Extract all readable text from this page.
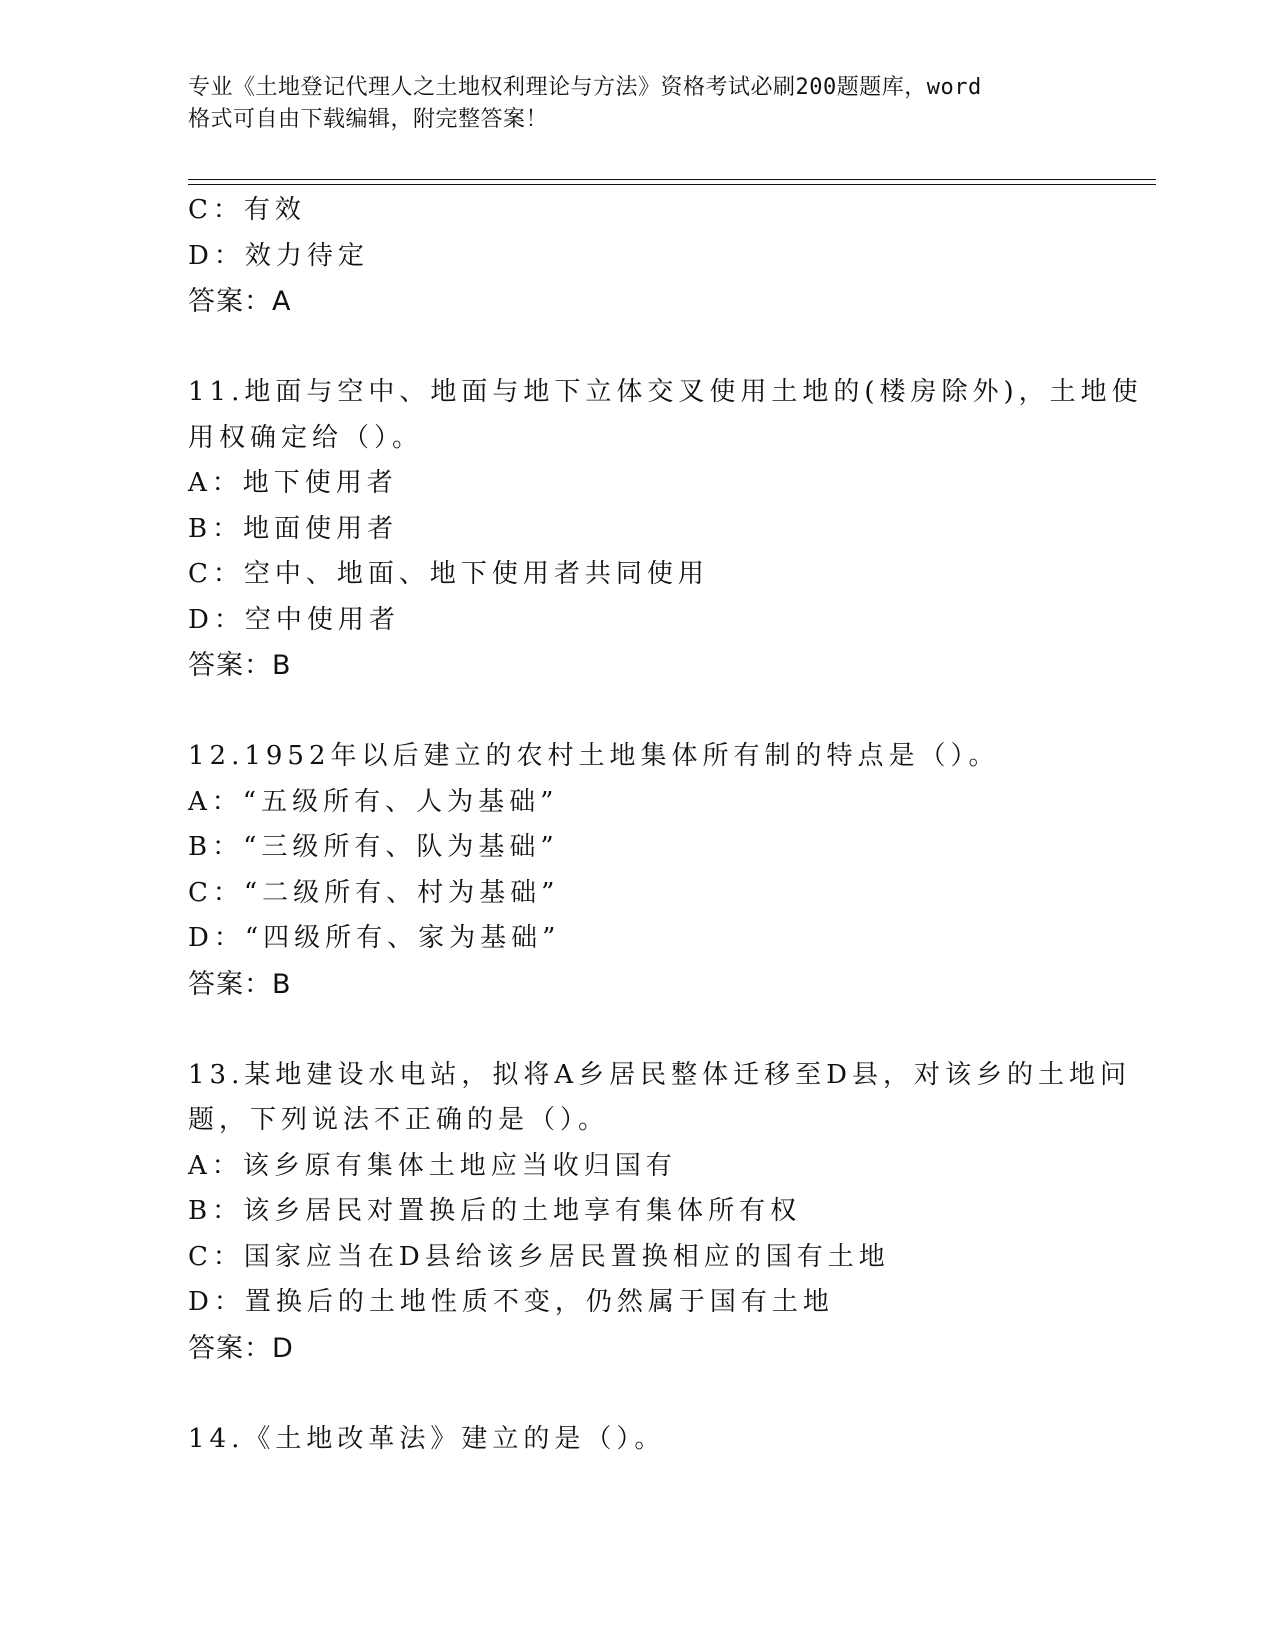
专业《土地登记代理人之土地权利理论与方法》资格考试必刷200题题库，word
格式可自由下载编辑，附完整答案！
C：有效
D：效力待定
答案：A
11.地面与空中、地面与地下立体交叉使用土地的(楼房除外)，土地使
用权确定给（）。
A：地下使用者
B：地面使用者
C：空中、地面、地下使用者共同使用
D：空中使用者
答案：B
12.1952年以后建立的农村土地集体所有制的特点是（）。
A：“五级所有、人为基础”
B：“三级所有、队为基础”
C：“二级所有、村为基础”
D：“四级所有、家为基础”
答案：B
13.某地建设水电站，拟将A乡居民整体迁移至D县，对该乡的土地问
题，下列说法不正确的是（）。
A：该乡原有集体土地应当收归国有
B：该乡居民对置换后的土地享有集体所有权
C：国家应当在D县给该乡居民置换相应的国有土地
D：置换后的土地性质不变，仍然属于国有土地
答案：D
14.《土地改革法》建立的是（）。
